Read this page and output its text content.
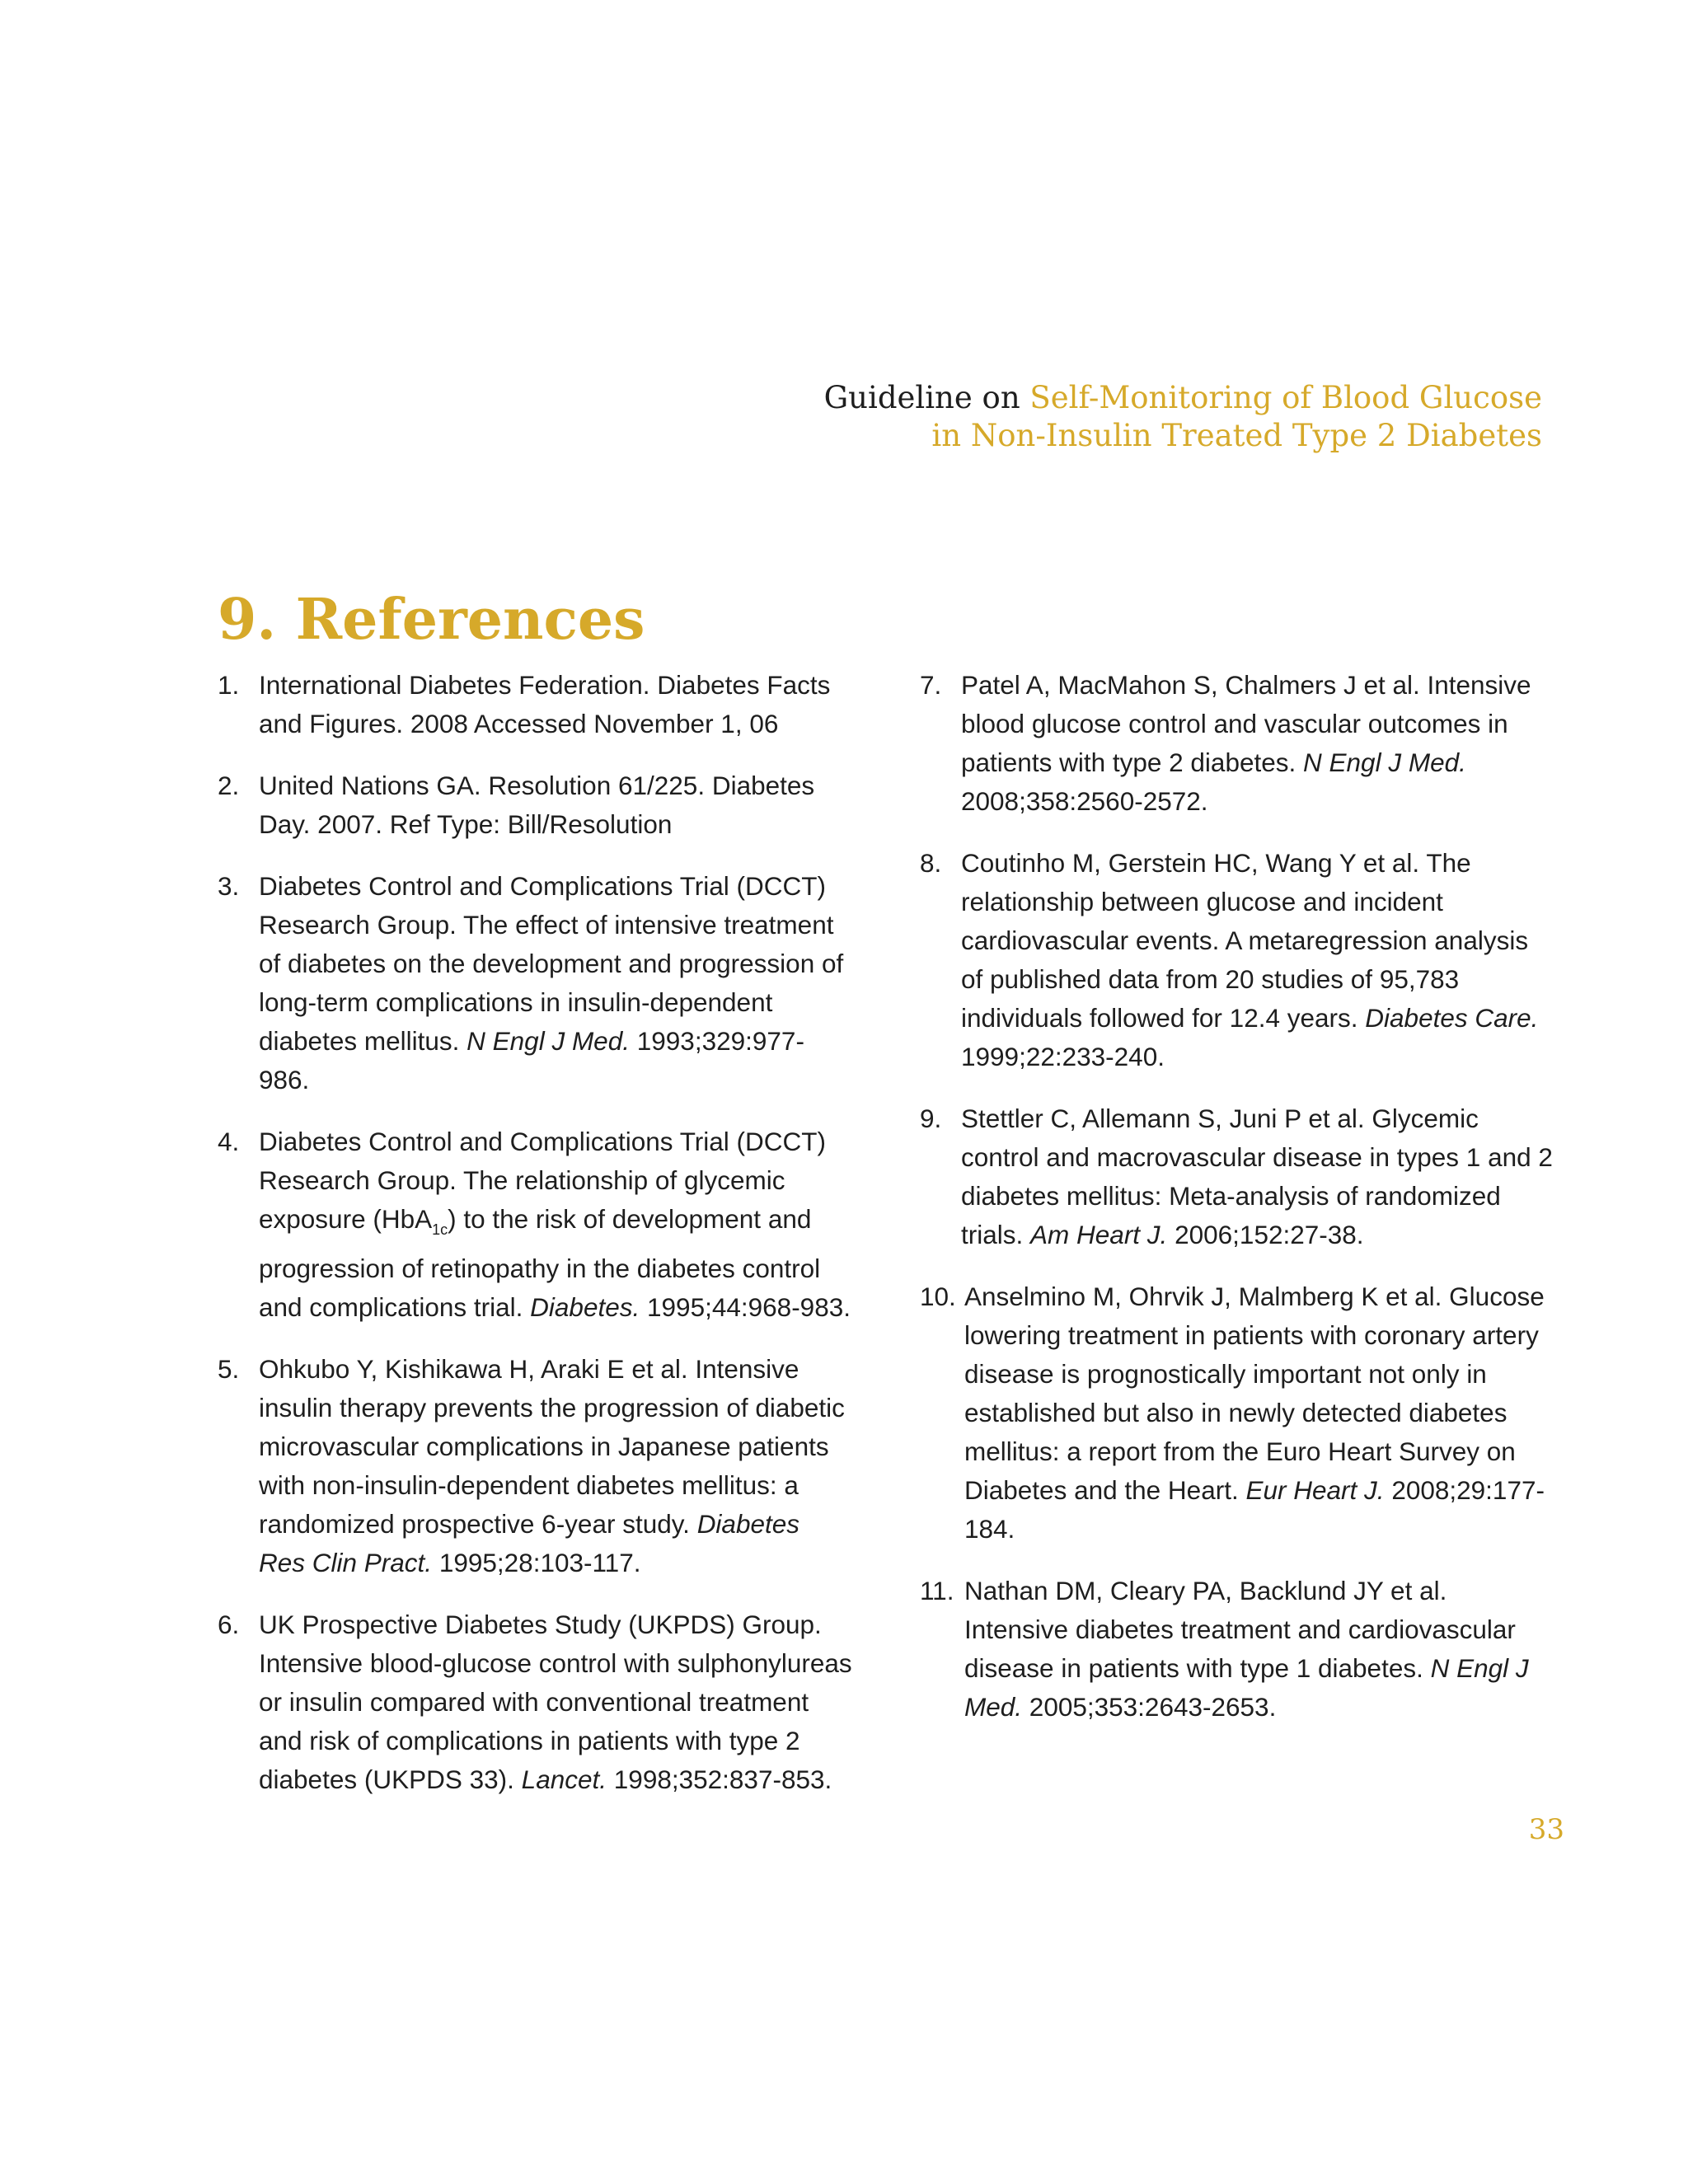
Guideline on Self-Monitoring of Blood Glucose
in Non-Insulin Treated Type 2 Diabetes
9. References
1. International Diabetes Federation. Diabetes Facts and Figures. 2008 Accessed November 1, 06
2. United Nations GA. Resolution 61/225. Diabetes Day. 2007. Ref Type: Bill/Resolution
3. Diabetes Control and Complications Trial (DCCT) Research Group. The effect of intensive treatment of diabetes on the development and progression of long-term complications in insulin-dependent diabetes mellitus. N Engl J Med. 1993;329:977-986.
4. Diabetes Control and Complications Trial (DCCT) Research Group. The relationship of glycemic exposure (HbA$_{1c}$) to the risk of development and progression of retinopathy in the diabetes control and complications trial. Diabetes. 1995;44:968-983.
5. Ohkubo Y, Kishikawa H, Araki E et al. Intensive insulin therapy prevents the progression of diabetic microvascular complications in Japanese patients with non-insulin-dependent diabetes mellitus: a randomized prospective 6-year study. Diabetes Res Clin Pract. 1995;28:103-117.
6. UK Prospective Diabetes Study (UKPDS) Group. Intensive blood-glucose control with sulphonylureas or insulin compared with conventional treatment and risk of complications in patients with type 2 diabetes (UKPDS 33). Lancet. 1998;352:837-853.
7. Patel A, MacMahon S, Chalmers J et al. Intensive blood glucose control and vascular outcomes in patients with type 2 diabetes. N Engl J Med. 2008;358:2560-2572.
8. Coutinho M, Gerstein HC, Wang Y et al. The relationship between glucose and incident cardiovascular events. A metaregression analysis of published data from 20 studies of 95,783 individuals followed for 12.4 years. Diabetes Care. 1999;22:233-240.
9. Stettler C, Allemann S, Juni P et al. Glycemic control and macrovascular disease in types 1 and 2 diabetes mellitus: Meta-analysis of randomized trials. Am Heart J. 2006;152:27-38.
10. Anselmino M, Ohrvik J, Malmberg K et al. Glucose lowering treatment in patients with coronary artery disease is prognostically important not only in established but also in newly detected diabetes mellitus: a report from the Euro Heart Survey on Diabetes and the Heart. Eur Heart J. 2008;29:177-184.
11. Nathan DM, Cleary PA, Backlund JY et al. Intensive diabetes treatment and cardiovascular disease in patients with type 1 diabetes. N Engl J Med. 2005;353:2643-2653.
33
